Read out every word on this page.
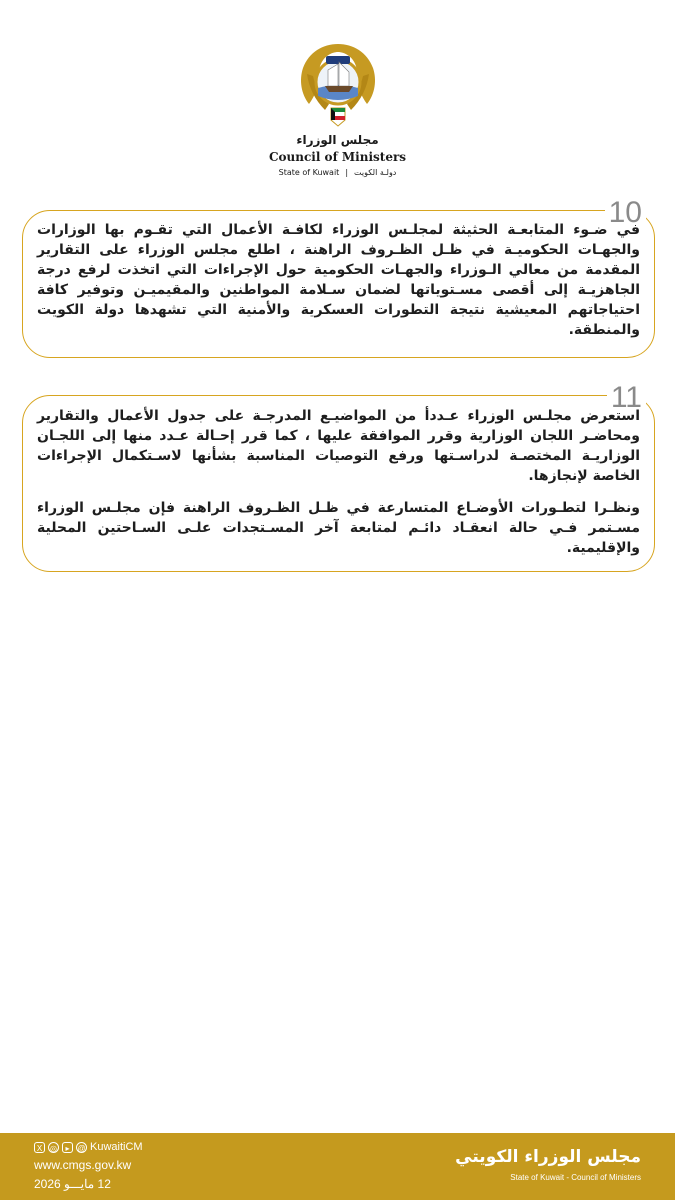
مجلس الوزراء
Council of Ministers
State of Kuwait | دولـة الكويت
10

في ضـوء المتابعـة الحثيثة لمجلـس الوزراء لكافـة الأعمال التي تقـوم بها الوزارات والجهـات الحكوميـة في ظـل الظـروف الراهنة ، اطلع مجلس الوزراء على التقارير المقدمة من معالي الـوزراء والجهـات الحكومية حول الإجراءات التي اتخذت لرفع درجة الجاهزيـة إلى أقصى مسـتوياتها لضمان سـلامة المواطنين والمقيميـن وتوفير كافة احتياجاتهم المعيشية نتيجة التطورات العسكرية والأمنية التي تشهدها دولة الكويت والمنطقة.

11

استعرض مجلـس الوزراء عـددأ من المواضيـع المدرجـة على جدول الأعمال والتقارير ومحاضـر اللجان الوزارية وقرر الموافقة عليها ، كما قرر إحـالة عـدد منها إلى اللجـان الوزاريـة المختصـة لدراسـتها ورفع التوصيات المناسبة بشأنها لاسـتكمال الإجراءات الخاصة لإنجازها.

ونظـرا لتطـورات الأوضـاع المتسارعة في ظـل الظـروف الراهنة فإن مجلـس الوزراء مسـتمر فـي حالة انعقـاد دائـم لمتابعة آخر المسـتجدات علـى السـاحتين المحلية والإقليمية.

X ◎	▸ @ KuwaitiCM
www.cmgs.gov.kw
12 مايـــو 2026
مجلس الوزراء الكويتي
State of Kuwait - Council of Ministers
